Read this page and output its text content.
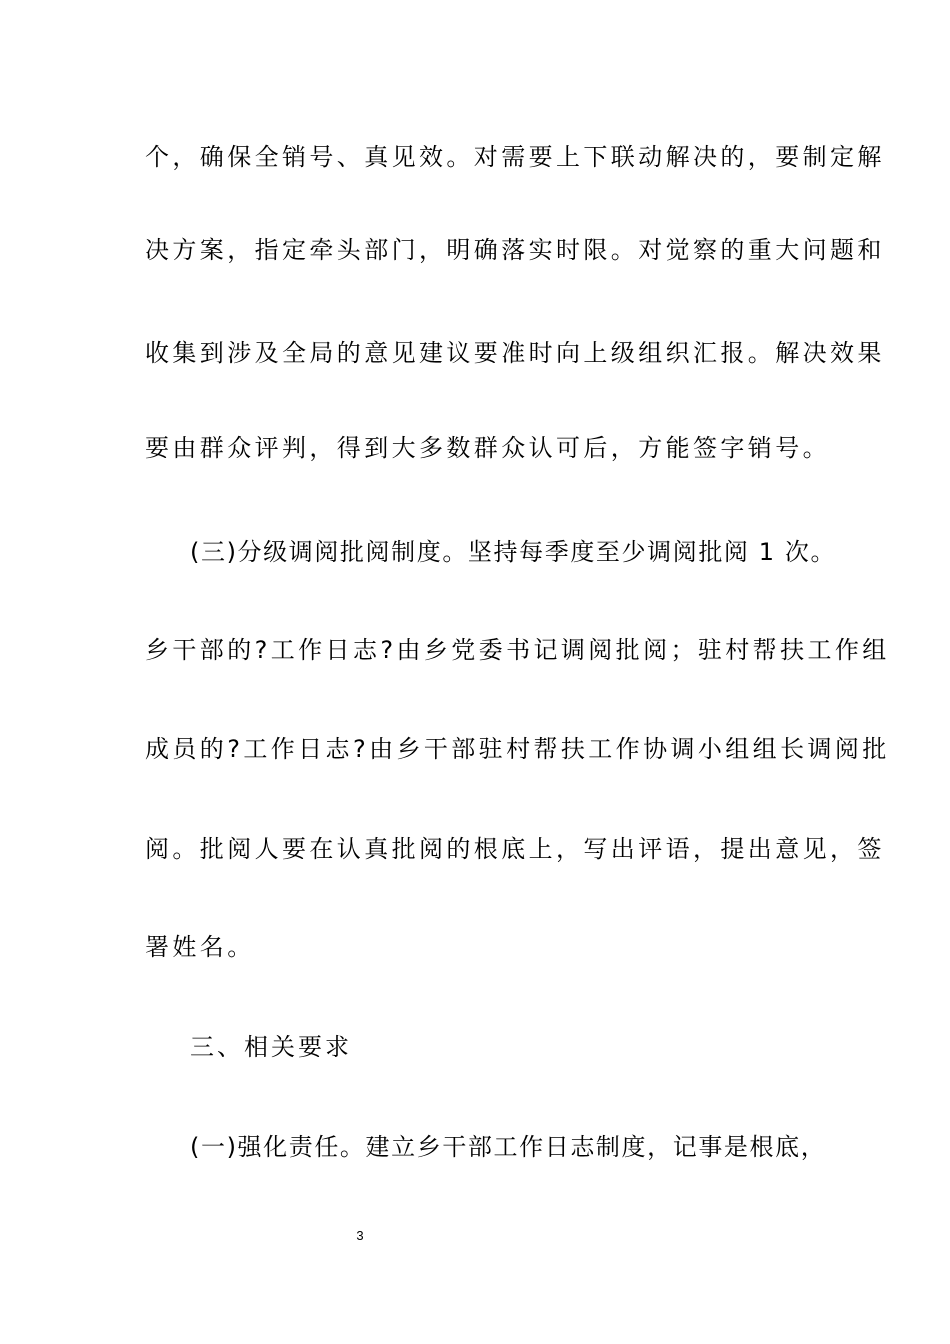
个，确保全销号、真见效。对需要上下联动解决的，要制定解
决方案，指定牵头部门，明确落实时限。对觉察的重大问题和
收集到涉及全局的意见建议要准时向上级组织汇报。解决效果
要由群众评判，得到大多数群众认可后，方能签字销号。
(三)分级调阅批阅制度。坚持每季度至少调阅批阅 1 次。
乡干部的?工作日志?由乡党委书记调阅批阅；驻村帮扶工作组
成员的?工作日志?由乡干部驻村帮扶工作协调小组组长调阅批
阅。批阅人要在认真批阅的根底上，写出评语，提出意见，签
署姓名。
三、相关要求
(一)强化责任。建立乡干部工作日志制度，记事是根底，
3
